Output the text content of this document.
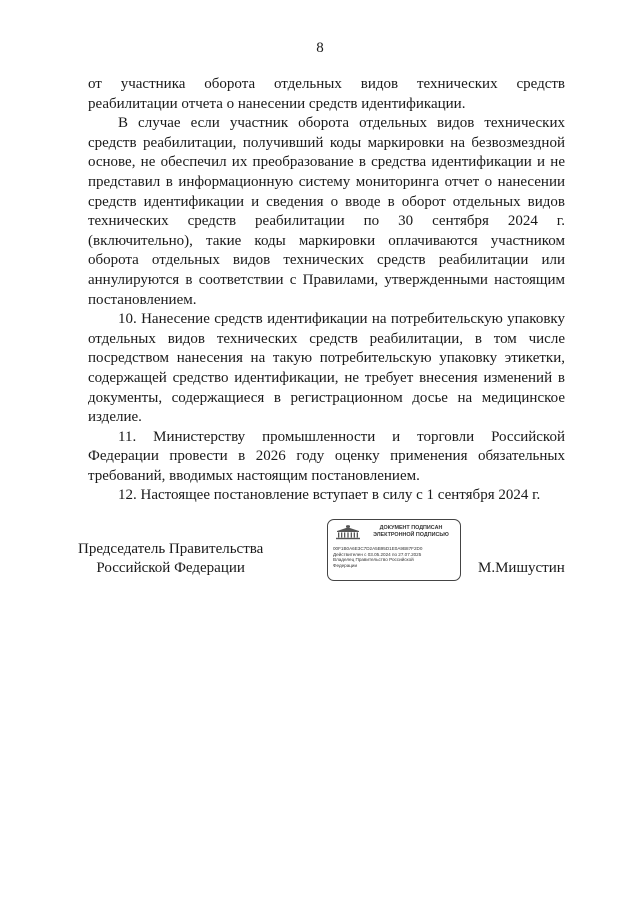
8

от участника оборота отдельных видов технических средств реабилитации отчета о нанесении средств идентификации.

В случае если участник оборота отдельных видов технических средств реабилитации, получивший коды маркировки на безвозмездной основе, не обеспечил их преобразование в средства идентификации и не представил в информационную систему мониторинга отчет о нанесении средств идентификации и сведения о вводе в оборот отдельных видов технических средств реабилитации по 30 сентября 2024 г. (включительно), такие коды маркировки оплачиваются участником оборота отдельных видов технических средств реабилитации или аннулируются в соответствии с Правилами, утвержденными настоящим постановлением.

10. Нанесение средств идентификации на потребительскую упаковку отдельных видов технических средств реабилитации, в том числе посредством нанесения на такую потребительскую упаковку этикетки, содержащей средство идентификации, не требует внесения изменений в документы, содержащиеся в регистрационном досье на медицинское изделие.

11. Министерству промышленности и торговли Российской Федерации провести в 2026 году оценку применения обязательных требований, вводимых настоящим постановлением.

12. Настоящее постановление вступает в силу с 1 сентября 2024 г.

Председатель Правительства
Российской Федерации
ДОКУМЕНТ ПОДПИСАН
ЭЛЕКТРОННОЙ ПОДПИСЬЮ
00F1B0A6E3C7D2A5B95D1E0A9B87F2D0
Действителен с 03.05.2024 по 27.07.2025
Владелец Правительство Российской
Федерации	М.Мишустин
